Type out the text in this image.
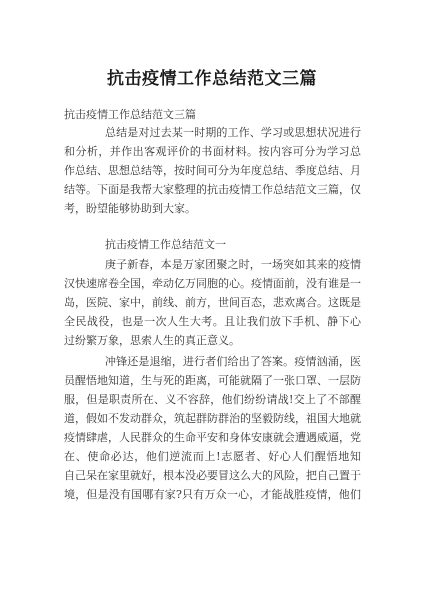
抗击疫情工作总结范文三篇
抗击疫情工作总结范文三篇
总结是对过去某一时期的工作、学习或思想状况进行
和分析，并作出客观评价的书面材料。按内容可分为学习总
作总结、思想总结等，按时间可分为年度总结、季度总结、月
结等。下面是我帮大家整理的抗击疫情工作总结范文三篇，仅
考，盼望能够协助到大家。
抗击疫情工作总结范文一
庚子新春，本是万家团聚之时，一场突如其来的疫情
汉快速席卷全国，牵动亿万同胞的心。疫情面前，没有谁是一
岛，医院、家中，前线、前方，世间百态，悲欢离合。这既是
全民战役，也是一次人生大考。且让我们放下手机、静下心
过纷繁万象，思索人生的真正意义。
冲锋还是退缩，进行者们给出了答案。疫情汹涌，医
员醒悟地知道，生与死的距离，可能就隔了一张口罩、一层防
服，但是职责所在、义不容辞，他们纷纷请战!交上了不部醒
道，假如不发动群众，筑起群防群治的坚毅防线，祖国大地就
疫情肆虐，人民群众的生命平安和身体安康就会遭遇威逼，党
在、使命必达，他们逆流而上!志愿者、好心人们醒悟地知
自己呆在家里就好，根本没必要冒这么大的风险，把自己置于
境，但是没有国哪有家?只有万众一心，才能战胜疫情，他们
